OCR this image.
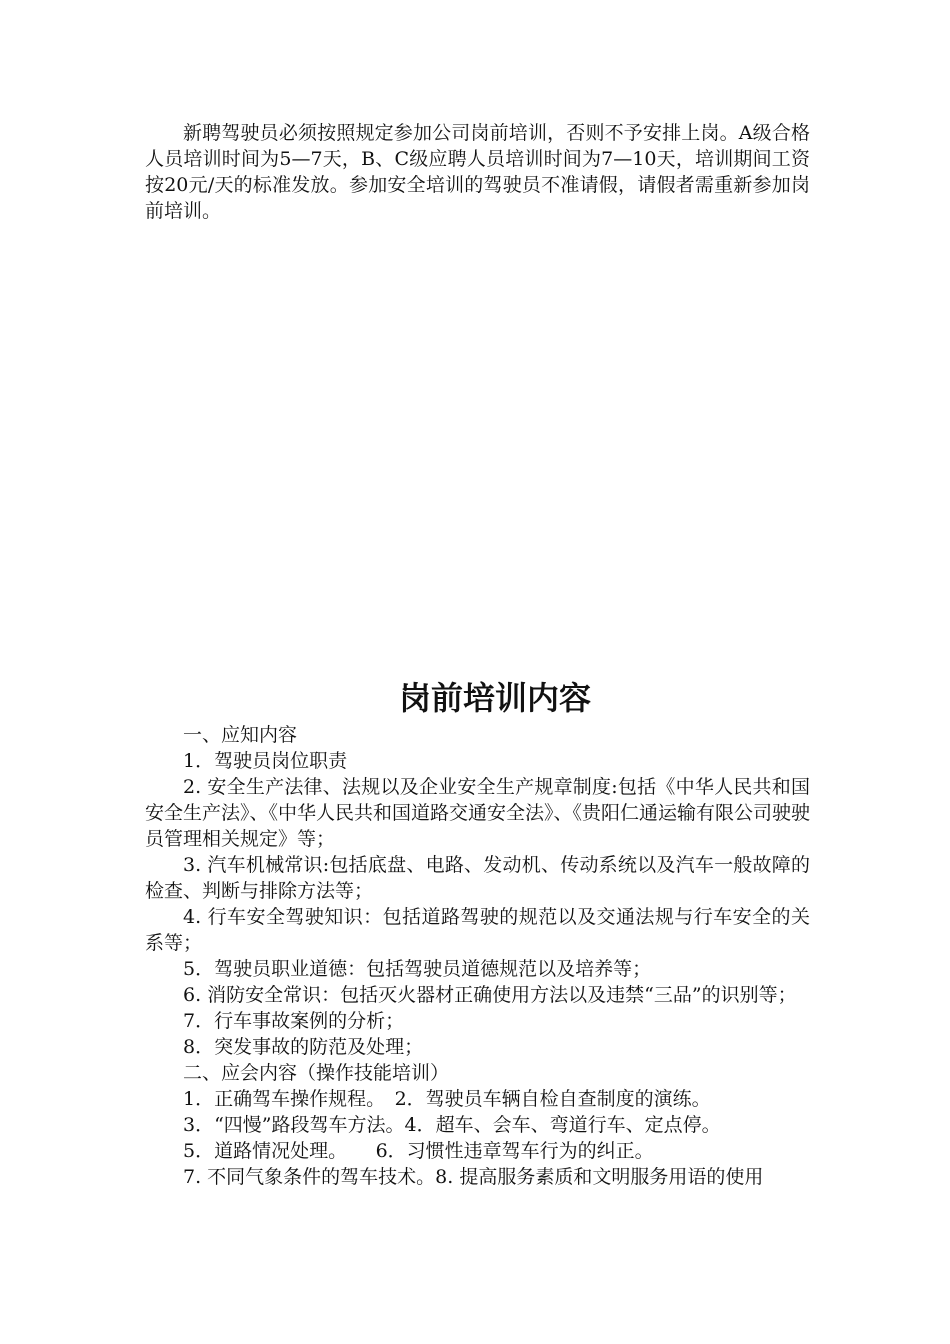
新聘驾驶员必须按照规定参加公司岗前培训，否则不予安排上岗。A级合格人员培训时间为5—7天，B、C级应聘人员培训时间为7—10天，培训期间工资按20元/天的标准发放。参加安全培训的驾驶员不准请假，请假者需重新参加岗前培训。

岗前培训内容

一、应知内容

1．驾驶员岗位职责

2. 安全生产法律、法规以及企业安全生产规章制度:包括《中华人民共和国安全生产法》、《中华人民共和国道路交通安全法》、《贵阳仁通运输有限公司驶驶员管理相关规定》等；

3. 汽车机械常识:包括底盘、电路、发动机、传动系统以及汽车一般故障的检查、判断与排除方法等；

4. 行车安全驾驶知识：包括道路驾驶的规范以及交通法规与行车安全的关系等；

5．驾驶员职业道德：包括驾驶员道德规范以及培养等；

6. 消防安全常识：包括灭火器材正确使用方法以及违禁“三品”的识别等；

7．行车事故案例的分析；

8．突发事故的防范及处理；

二、应会内容（操作技能培训）

1．正确驾车操作规程。　2．驾驶员车辆自检自查制度的演练。

3．“四慢”路段驾车方法。4．超车、会车、弯道行车、定点停。

5．道路情况处理。　　6．习惯性违章驾车行为的纠正。

7. 不同气象条件的驾车技术。8. 提高服务素质和文明服务用语的使用
